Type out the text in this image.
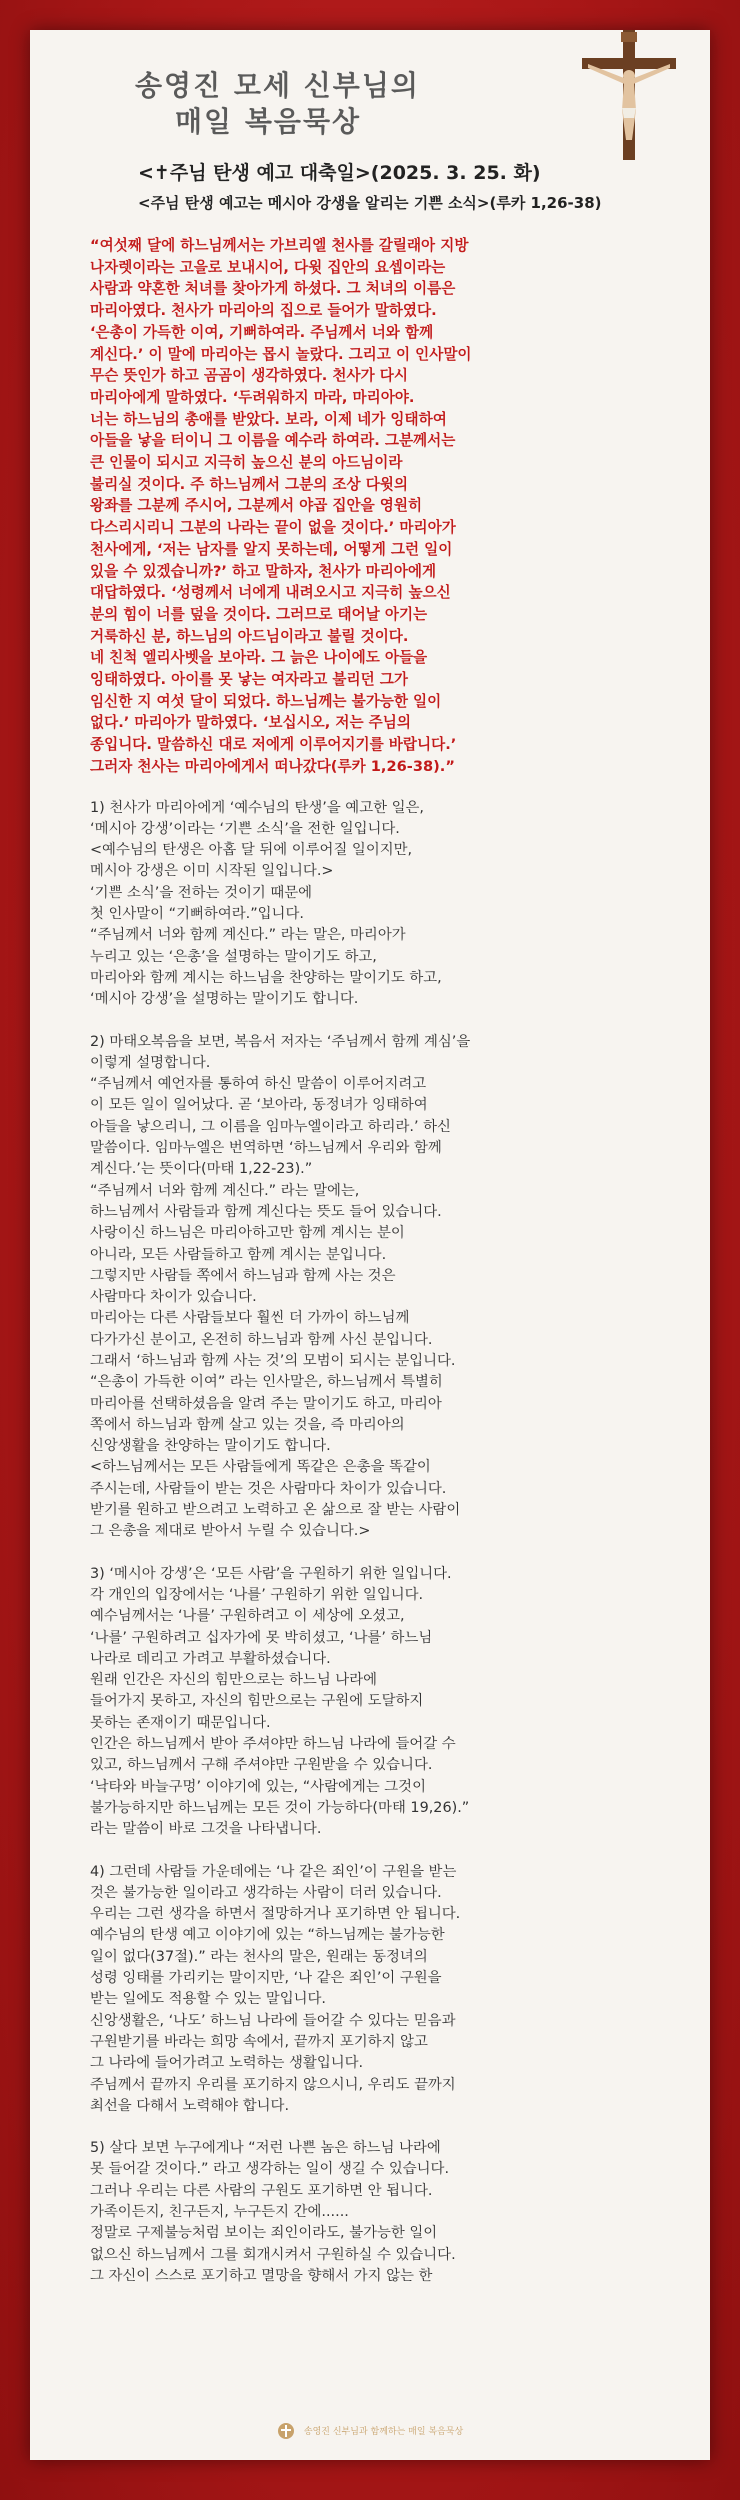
송영진 모세 신부님의
매일 복음묵상
<✝주님 탄생 예고 대축일>(2025. 3. 25. 화)
<주님 탄생 예고는 메시아 강생을 알리는 기쁜 소식>(루카 1,26-38)

“여섯째 달에 하느님께서는 가브리엘 천사를 갈릴래아 지방
나자렛이라는 고을로 보내시어, 다윗 집안의 요셉이라는
사람과 약혼한 처녀를 찾아가게 하셨다. 그 처녀의 이름은
마리아였다. 천사가 마리아의 집으로 들어가 말하였다.
‘은총이 가득한 이여, 기뻐하여라. 주님께서 너와 함께
계신다.’ 이 말에 마리아는 몹시 놀랐다. 그리고 이 인사말이
무슨 뜻인가 하고 곰곰이 생각하였다. 천사가 다시
마리아에게 말하였다. ‘두려워하지 마라, 마리아야.
너는 하느님의 총애를 받았다. 보라, 이제 네가 잉태하여
아들을 낳을 터이니 그 이름을 예수라 하여라. 그분께서는
큰 인물이 되시고 지극히 높으신 분의 아드님이라
불리실 것이다. 주 하느님께서 그분의 조상 다윗의
왕좌를 그분께 주시어, 그분께서 야곱 집안을 영원히
다스리시리니 그분의 나라는 끝이 없을 것이다.’ 마리아가
천사에게, ‘저는 남자를 알지 못하는데, 어떻게 그런 일이
있을 수 있겠습니까?’ 하고 말하자, 천사가 마리아에게
대답하였다. ‘성령께서 너에게 내려오시고 지극히 높으신
분의 힘이 너를 덮을 것이다. 그러므로 태어날 아기는
거룩하신 분, 하느님의 아드님이라고 불릴 것이다.
네 친척 엘리사벳을 보아라. 그 늙은 나이에도 아들을
잉태하였다. 아이를 못 낳는 여자라고 불리던 그가
임신한 지 여섯 달이 되었다. 하느님께는 불가능한 일이
없다.’ 마리아가 말하였다. ‘보십시오, 저는 주님의
종입니다. 말씀하신 대로 저에게 이루어지기를 바랍니다.’
그러자 천사는 마리아에게서 떠나갔다(루카 1,26-38).”

1) 천사가 마리아에게 ‘예수님의 탄생’을 예고한 일은,
‘메시아 강생’이라는 ‘기쁜 소식’을 전한 일입니다.
<예수님의 탄생은 아홉 달 뒤에 이루어질 일이지만,
메시아 강생은 이미 시작된 일입니다.>
‘기쁜 소식’을 전하는 것이기 때문에
첫 인사말이 “기뻐하여라.”입니다.
“주님께서 너와 함께 계신다.” 라는 말은, 마리아가
누리고 있는 ‘은총’을 설명하는 말이기도 하고,
마리아와 함께 계시는 하느님을 찬양하는 말이기도 하고,
‘메시아 강생’을 설명하는 말이기도 합니다.

2) 마태오복음을 보면, 복음서 저자는 ‘주님께서 함께 계심’을
이렇게 설명합니다.
“주님께서 예언자를 통하여 하신 말씀이 이루어지려고
이 모든 일이 일어났다. 곧 ‘보아라, 동정녀가 잉태하여
아들을 낳으리니, 그 이름을 임마누엘이라고 하리라.’ 하신
말씀이다. 임마누엘은 번역하면 ‘하느님께서 우리와 함께
계신다.’는 뜻이다(마태 1,22-23).”
“주님께서 너와 함께 계신다.” 라는 말에는,
하느님께서 사람들과 함께 계신다는 뜻도 들어 있습니다.
사랑이신 하느님은 마리아하고만 함께 계시는 분이
아니라, 모든 사람들하고 함께 계시는 분입니다.
그렇지만 사람들 쪽에서 하느님과 함께 사는 것은
사람마다 차이가 있습니다.
마리아는 다른 사람들보다 훨씬 더 가까이 하느님께
다가가신 분이고, 온전히 하느님과 함께 사신 분입니다.
그래서 ‘하느님과 함께 사는 것’의 모범이 되시는 분입니다.
“은총이 가득한 이여” 라는 인사말은, 하느님께서 특별히
마리아를 선택하셨음을 알려 주는 말이기도 하고, 마리아
쪽에서 하느님과 함께 살고 있는 것을, 즉 마리아의
신앙생활을 찬양하는 말이기도 합니다.
<하느님께서는 모든 사람들에게 똑같은 은총을 똑같이
주시는데, 사람들이 받는 것은 사람마다 차이가 있습니다.
받기를 원하고 받으려고 노력하고 온 삶으로 잘 받는 사람이
그 은총을 제대로 받아서 누릴 수 있습니다.>

3) ‘메시아 강생’은 ‘모든 사람’을 구원하기 위한 일입니다.
각 개인의 입장에서는 ‘나를’ 구원하기 위한 일입니다.
예수님께서는 ‘나를’ 구원하려고 이 세상에 오셨고,
‘나를’ 구원하려고 십자가에 못 박히셨고, ‘나를’ 하느님
나라로 데리고 가려고 부활하셨습니다.
원래 인간은 자신의 힘만으로는 하느님 나라에
들어가지 못하고, 자신의 힘만으로는 구원에 도달하지
못하는 존재이기 때문입니다.
인간은 하느님께서 받아 주셔야만 하느님 나라에 들어갈 수
있고, 하느님께서 구해 주셔야만 구원받을 수 있습니다.
‘낙타와 바늘구멍’ 이야기에 있는, “사람에게는 그것이
불가능하지만 하느님께는 모든 것이 가능하다(마태 19,26).”
라는 말씀이 바로 그것을 나타냅니다.

4) 그런데 사람들 가운데에는 ‘나 같은 죄인’이 구원을 받는
것은 불가능한 일이라고 생각하는 사람이 더러 있습니다.
우리는 그런 생각을 하면서 절망하거나 포기하면 안 됩니다.
예수님의 탄생 예고 이야기에 있는 “하느님께는 불가능한
일이 없다(37절).” 라는 천사의 말은, 원래는 동정녀의
성령 잉태를 가리키는 말이지만, ‘나 같은 죄인’이 구원을
받는 일에도 적용할 수 있는 말입니다.
신앙생활은, ‘나도’ 하느님 나라에 들어갈 수 있다는 믿음과
구원받기를 바라는 희망 속에서, 끝까지 포기하지 않고
그 나라에 들어가려고 노력하는 생활입니다.
주님께서 끝까지 우리를 포기하지 않으시니, 우리도 끝까지
최선을 다해서 노력해야 합니다.

5) 살다 보면 누구에게나 “저런 나쁜 놈은 하느님 나라에
못 들어갈 것이다.” 라고 생각하는 일이 생길 수 있습니다.
그러나 우리는 다른 사람의 구원도 포기하면 안 됩니다.
가족이든지, 친구든지, 누구든지 간에......
정말로 구제불능처럼 보이는 죄인이라도, 불가능한 일이
없으신 하느님께서 그를 회개시켜서 구원하실 수 있습니다.
그 자신이 스스로 포기하고 멸망을 향해서 가지 않는 한

송영진 신부님과 함께하는 매일 복음묵상
